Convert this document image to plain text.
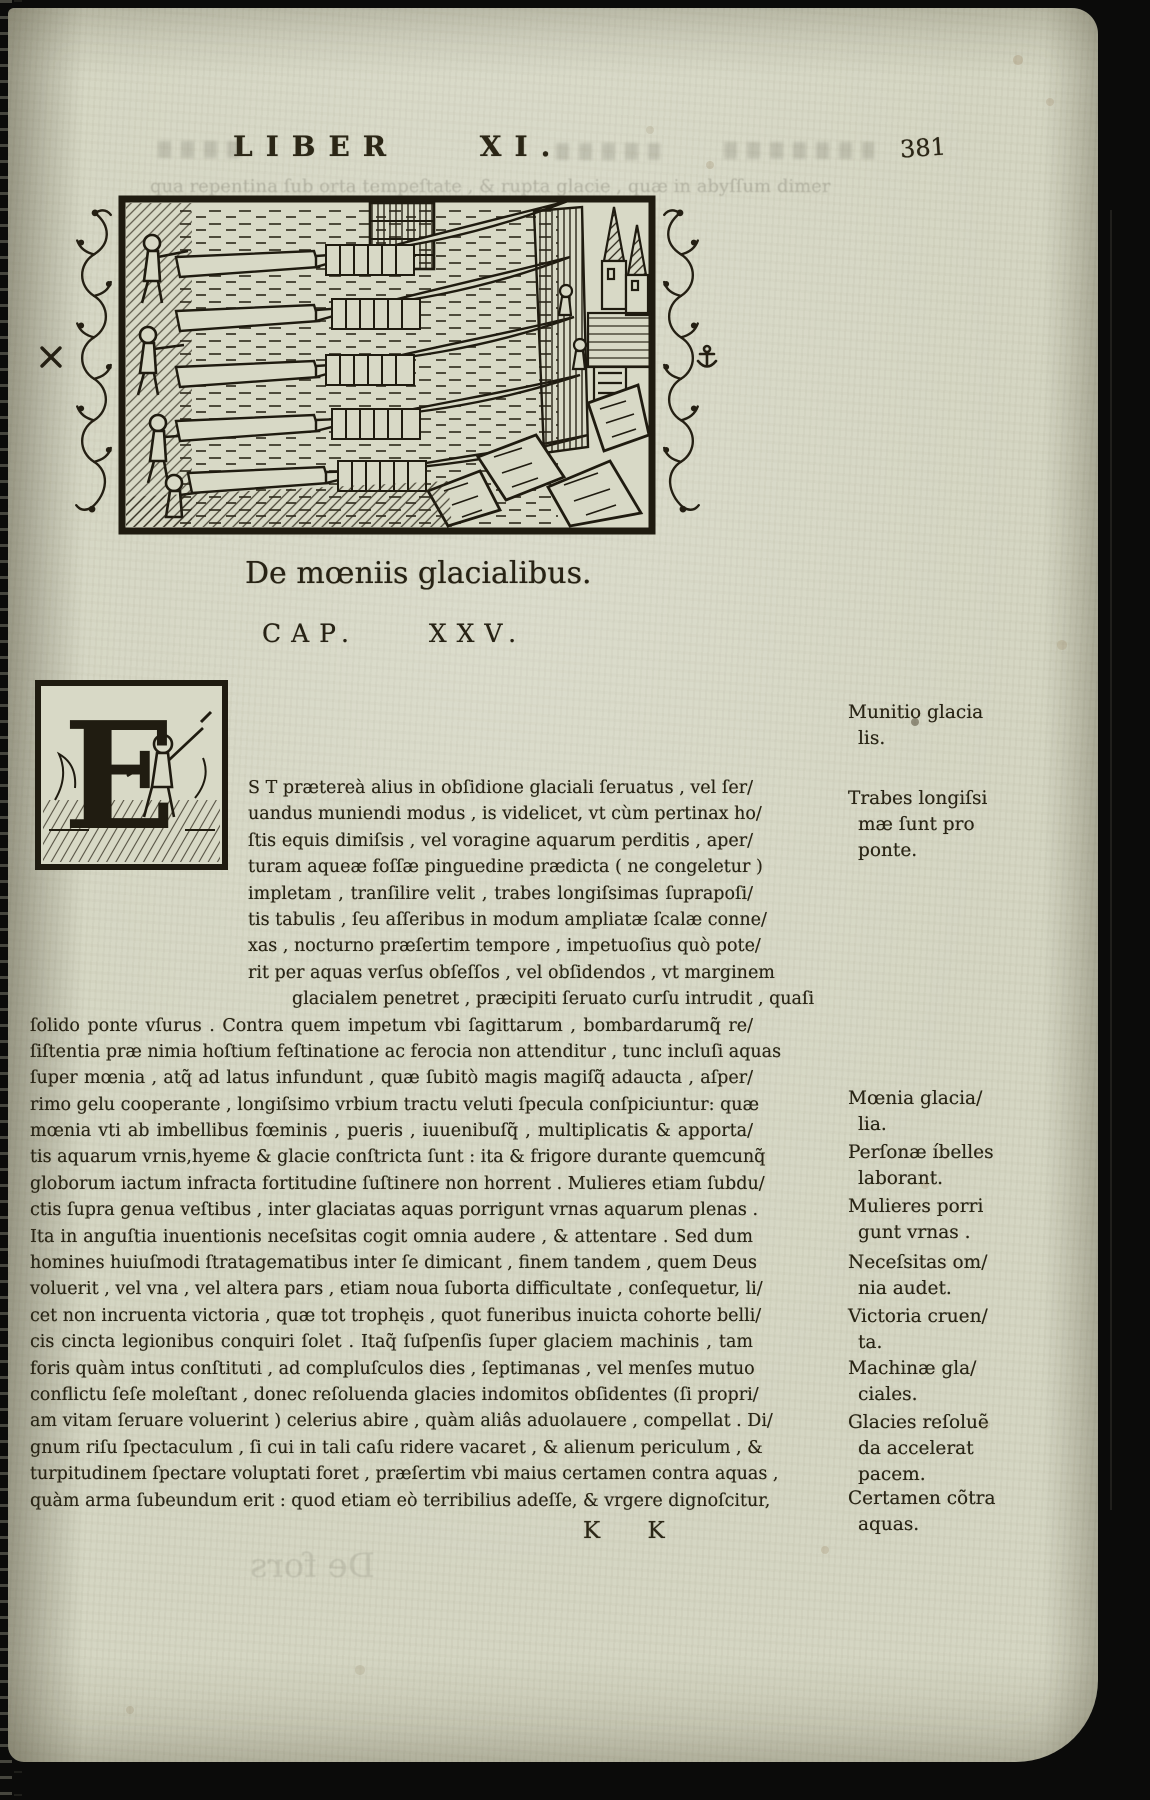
LIBER XI.	381
qua repentina ſub orta tempeſtate , & rupta glacie , quæ in abyſſum dimer
De fors
De mœniis glacialibus.
CAP. XXV.
E	S T prætereà alius in obſidione glaciali ſeruatus , vel ſer/
uandus muniendi modus , is videlicet, vt cùm pertinax ho/
ſtis equis dimiſsis , vel voragine aquarum perditis , aper/
turam aqueæ foſſæ pinguedine prædicta ( ne congeletur )
impletam , tranſilire velit , trabes longiſsimas ſuprapoſi/
tis tabulis , ſeu aſſeribus in modum ampliatæ ſcalæ conne/
xas , nocturno præſertim tempore , impetuoſius quò pote/
rit per aquas verſus obſeſſos , vel obſidendos , vt marginem
glacialem penetret , præcipiti ſeruato curſu intrudit , quaſi
ſolido ponte vſurus . Contra quem impetum vbi ſagittarum , bombardarumq̃ re/
ſiſtentia præ nimia hoſtium feſtinatione ac ferocia non attenditur , tunc incluſi aquas
ſuper mœnia , atq̃ ad latus infundunt , quæ ſubitò magis magiſq̃ adaucta , aſper/
rimo gelu cooperante , longiſsimo vrbium tractu veluti ſpecula conſpiciuntur: quæ
mœnia vti ab imbellibus fœminis , pueris , iuuenibuſq̃ , multiplicatis & apporta/
tis aquarum vrnis,hyeme & glacie conſtricta ſunt : ita & frigore durante quemcunq̃
globorum iactum infracta fortitudine ſuſtinere non horrent . Mulieres etiam ſubdu/
ctis ſupra genua veſtibus , inter glaciatas aquas porrigunt vrnas aquarum plenas .
Ita in anguſtia inuentionis neceſsitas cogit omnia audere , & attentare . Sed dum
homines huiuſmodi ſtratagematibus inter ſe dimicant , finem tandem , quem Deus
voluerit , vel vna , vel altera pars , etiam noua ſuborta difficultate , conſequetur, li/
cet non incruenta victoria , quæ tot trophęis , quot funeribus inuicta cohorte belli/
cis cincta legionibus conquiri ſolet . Itaq̃ ſuſpenſis ſuper glaciem machinis , tam
foris quàm intus conſtituti , ad compluſculos dies , ſeptimanas , vel menſes mutuo
conflictu ſeſe moleſtant , donec reſoluenda glacies indomitos obſidentes (ſi propri/
am vitam ſeruare voluerint ) celerius abire , quàm aliâs aduolauere , compellat . Di/
gnum riſu ſpectaculum , ſi cui in tali caſu ridere vacaret , & alienum periculum , &
turpitudinem ſpectare voluptati foret , præſertim vbi maius certamen contra aquas ,
quàm arma ſubeundum erit : quod etiam eò terribilius adeſſe, & vrgere dignoſcitur,
Munitio glacia
lis.
Trabes longiſsi
mæ ſunt pro
ponte.
Mœnia glacia/
lia.
Perſonæ íbelles
laborant.
Mulieres porri
gunt vrnas .
Neceſsitas om/
nia audet.
Victoria cruen/
ta.
Machinæ gla/
ciales.
Glacies reſoluẽ
da accelerat
pacem.
Certamen cõtra
aquas.
K K
